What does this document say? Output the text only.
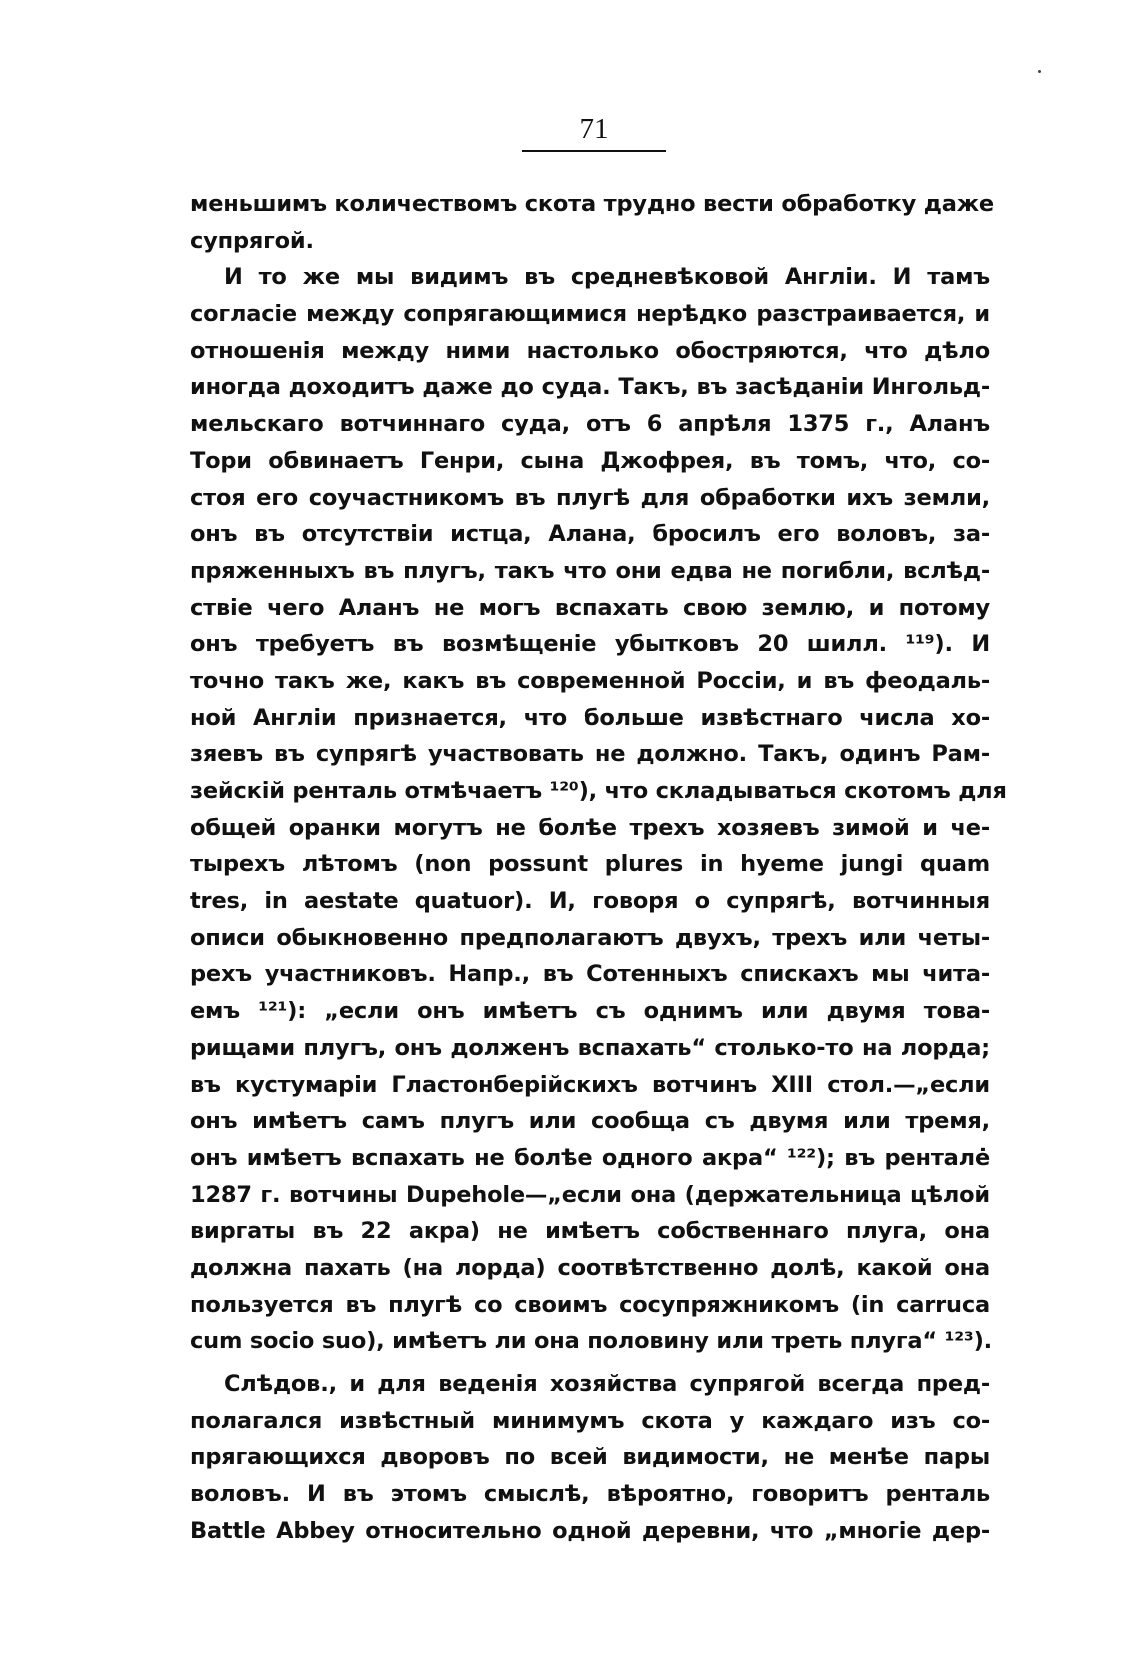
71
меньшимъ количествомъ скота трудно вести обработку даже
супрягой.
И то же мы видимъ въ средневѣковой Англiи. И тамъ
согласiе между сопрягающимися нерѣдко разстраивается, и
отношенiя между ними настолько обостряются, что дѣло
иногда доходитъ даже до суда. Такъ, въ засѣданiи Ингольд-
мельскаго вотчиннаго суда, отъ 6 апрѣля 1375 г., Аланъ
Тори обвинаетъ Генри, сына Джофрея, въ томъ, что, со-
стоя его соучастникомъ въ плугѣ для обработки ихъ земли,
онъ въ отсутствiи истца, Алана, бросилъ его воловъ, за-
пряженныхъ въ плугъ, такъ что они едва не погибли, вслѣд-
ствiе чего Аланъ не могъ вспахать свою землю, и потому
онъ требуетъ въ возмѣщенiе убытковъ 20 шилл. ¹¹⁹). И
точно такъ же, какъ въ современной Россiи, и въ феодаль-
ной Англiи признается, что больше извѣстнаго числа хо-
зяевъ въ супрягѣ участвовать не должно. Такъ, одинъ Рам-
зейскiй ренталь отмѣчаетъ ¹²⁰), что складываться скотомъ для
общей оранки могутъ не болѣе трехъ хозяевъ зимой и че-
тырехъ лѣтомъ (non possunt plures in hyeme jungi quam
tres, in aestate quatuor). И, говоря о супрягѣ, вотчинныя
описи обыкновенно предполагаютъ двухъ, трехъ или четы-
рехъ участниковъ. Напр., въ Сотенныхъ спискахъ мы чита-
емъ ¹²¹): „если онъ имѣетъ съ однимъ или двумя това-
рищами плугъ, онъ долженъ вспахать“ столько-то на лорда;
въ кустумарiи Гластонберiйскихъ вотчинъ XIII стол.—„если
онъ имѣетъ самъ плугъ или сообща съ двумя или тремя,
онъ имѣетъ вспахать не болѣе одного акра“ ¹²²); въ рентале̇
1287 г. вотчины Dupehole—„если она (держательница цѣлой
виргаты въ 22 акра) не имѣетъ собственнаго плуга, она
должна пахать (на лорда) соотвѣтственно долѣ, какой она
пользуется въ плугѣ со своимъ сосупряжникомъ (in carruca
cum socio suo), имѣетъ ли она половину или треть плуга“ ¹²³).
Слѣдов., и для веденiя хозяйства супрягой всегда пред-
полагался извѣстный минимумъ скота у каждаго изъ со-
прягающихся дворовъ по всей видимости, не менѣе пары
воловъ. И въ этомъ смыслѣ, вѣроятно, говоритъ ренталь
Battle Abbey относительно одной деревни, что „многiе дер-
